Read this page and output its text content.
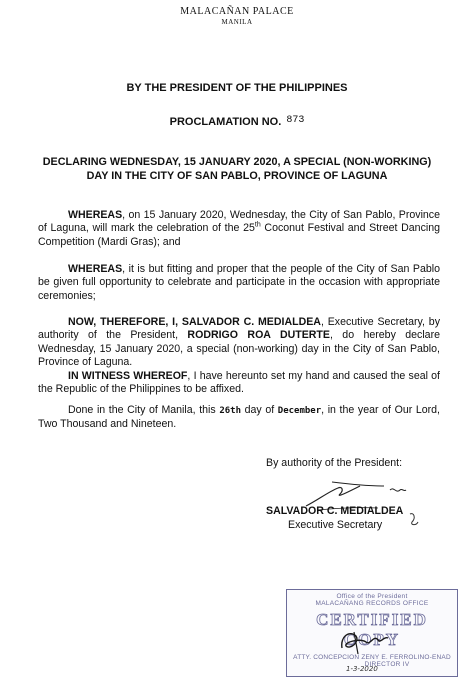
MALACAÑAN PALACE
MANILA
BY THE PRESIDENT OF THE PHILIPPINES
PROCLAMATION NO. 873
DECLARING WEDNESDAY, 15 JANUARY 2020, A SPECIAL (NON-WORKING)
DAY IN THE CITY OF SAN PABLO, PROVINCE OF LAGUNA

WHEREAS, on 15 January 2020, Wednesday, the City of San Pablo, Province of Laguna, will mark the celebration of the 25th Coconut Festival and Street Dancing Competition (Mardi Gras); and

WHEREAS, it is but fitting and proper that the people of the City of San Pablo be given full opportunity to celebrate and participate in the occasion with appropriate ceremonies;

NOW, THEREFORE, I, SALVADOR C. MEDIALDEA, Executive Secretary, by authority of the President, RODRIGO ROA DUTERTE, do hereby declare Wednesday, 15 January 2020, a special (non-working) day in the City of San Pablo, Province of Laguna.

IN WITNESS WHEREOF, I have hereunto set my hand and caused the seal of the Republic of the Philippines to be affixed.

Done in the City of Manila, this 26th day of December, in the year of Our Lord, Two Thousand and Nineteen.

By authority of the President:
SALVADOR C. MEDIALDEA
Executive Secretary
Office of the President
MALACAÑANG RECORDS OFFICE
CERTIFIED COPY
ATTY. CONCEPCION ZENY E. FERROLINO-ENAD
DIRECTOR IV
1-3-2020
